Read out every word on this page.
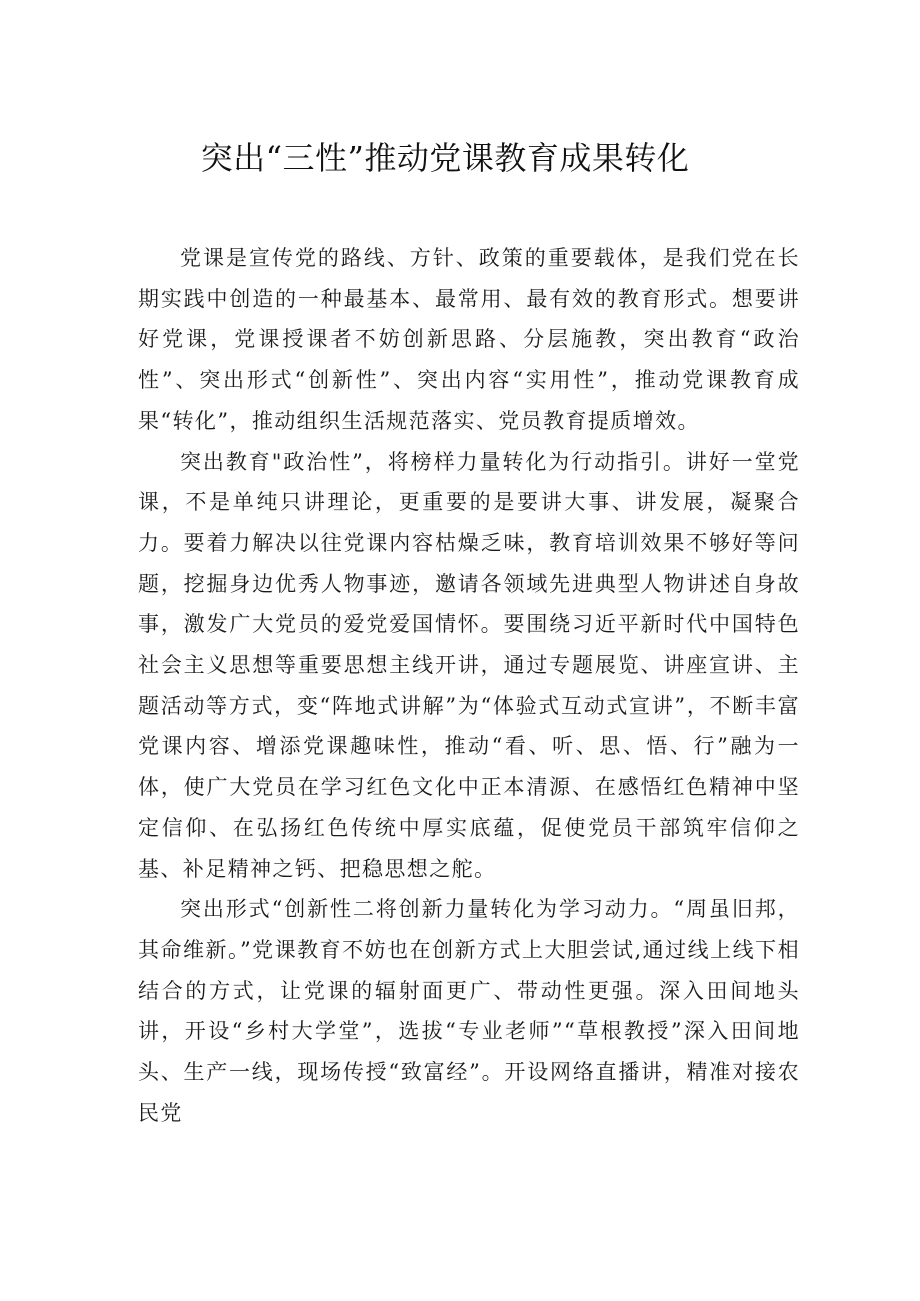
突出“三性”推动党课教育成果转化

党课是宣传党的路线、方针、政策的重要载体，是我们党在长期实践中创造的一种最基本、最常用、最有效的教育形式。想要讲好党课，党课授课者不妨创新思路、分层施教，突出教育“政治性”、突出形式“创新性”、突出内容“实用性”，推动党课教育成果“转化”，推动组织生活规范落实、党员教育提质增效。

突出教育"政治性”，将榜样力量转化为行动指引。讲好一堂党课，不是单纯只讲理论，更重要的是要讲大事、讲发展，凝聚合力。要着力解决以往党课内容枯燥乏味，教育培训效果不够好等问题，挖掘身边优秀人物事迹，邀请各领域先进典型人物讲述自身故事，激发广大党员的爱党爱国情怀。要围绕习近平新时代中国特色社会主义思想等重要思想主线开讲，通过专题展览、讲座宣讲、主题活动等方式，变“阵地式讲解”为“体验式互动式宣讲”，不断丰富党课内容、增添党课趣味性，推动“看、听、思、悟、行”融为一体，使广大党员在学习红色文化中正本清源、在感悟红色精神中坚定信仰、在弘扬红色传统中厚实底蕴，促使党员干部筑牢信仰之基、补足精神之钙、把稳思想之舵。

突出形式“创新性二将创新力量转化为学习动力。“周虽旧邦，其命维新。”党课教育不妨也在创新方式上大胆尝试,通过线上线下相结合的方式，让党课的辐射面更广、带动性更强。深入田间地头讲，开设“乡村大学堂”，选拔“专业老师”“草根教授”深入田间地头、生产一线，现场传授“致富经”。开设网络直播讲，精准对接农民党
